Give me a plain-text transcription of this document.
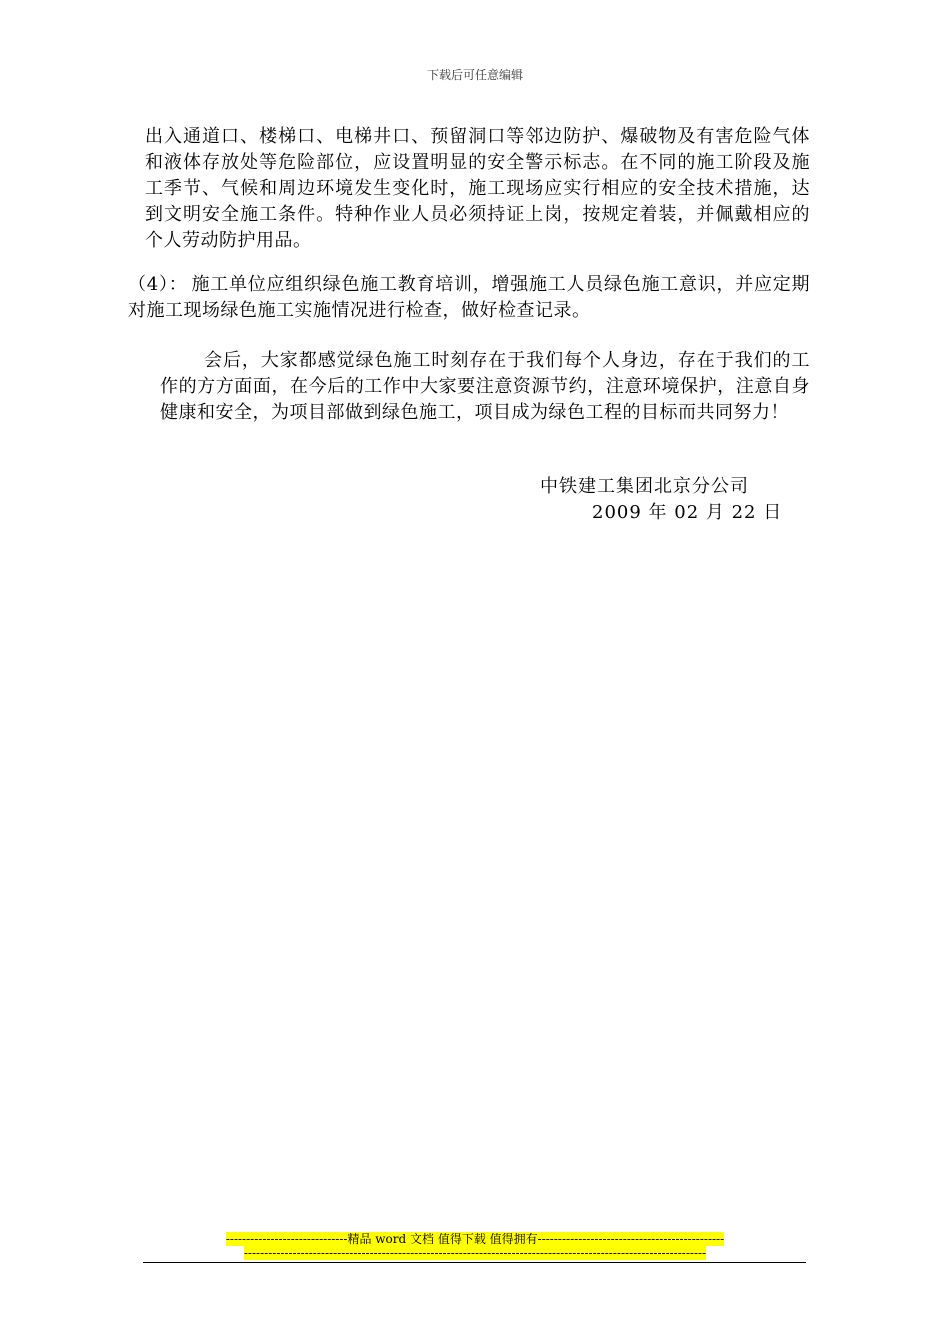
下载后可任意编辑
出入通道口、楼梯口、电梯井口、预留洞口等邻边防护、爆破物及有害危险气体和液体存放处等危险部位，应设置明显的安全警示标志。在不同的施工阶段及施工季节、气候和周边环境发生变化时，施工现场应实行相应的安全技术措施，达到文明安全施工条件。特种作业人员必须持证上岗，按规定着装，并佩戴相应的个人劳动防护用品。
（4）： 施工单位应组织绿色施工教育培训，增强施工人员绿色施工意识，并应定期对施工现场绿色施工实施情况进行检查，做好检查记录。
会后，大家都感觉绿色施工时刻存在于我们每个人身边，存在于我们的工作的方方面面，在今后的工作中大家要注意资源节约，注意环境保护，注意自身健康和安全，为项目部做到绿色施工，项目成为绿色工程的目标而共同努力！
中铁建工集团北京分公司
2009 年 02 月 22 日
------------------------------精品 word 文档 值得下载 值得拥有----------------------------------------------
------------------------------------------------------------------------------------------------------------------
